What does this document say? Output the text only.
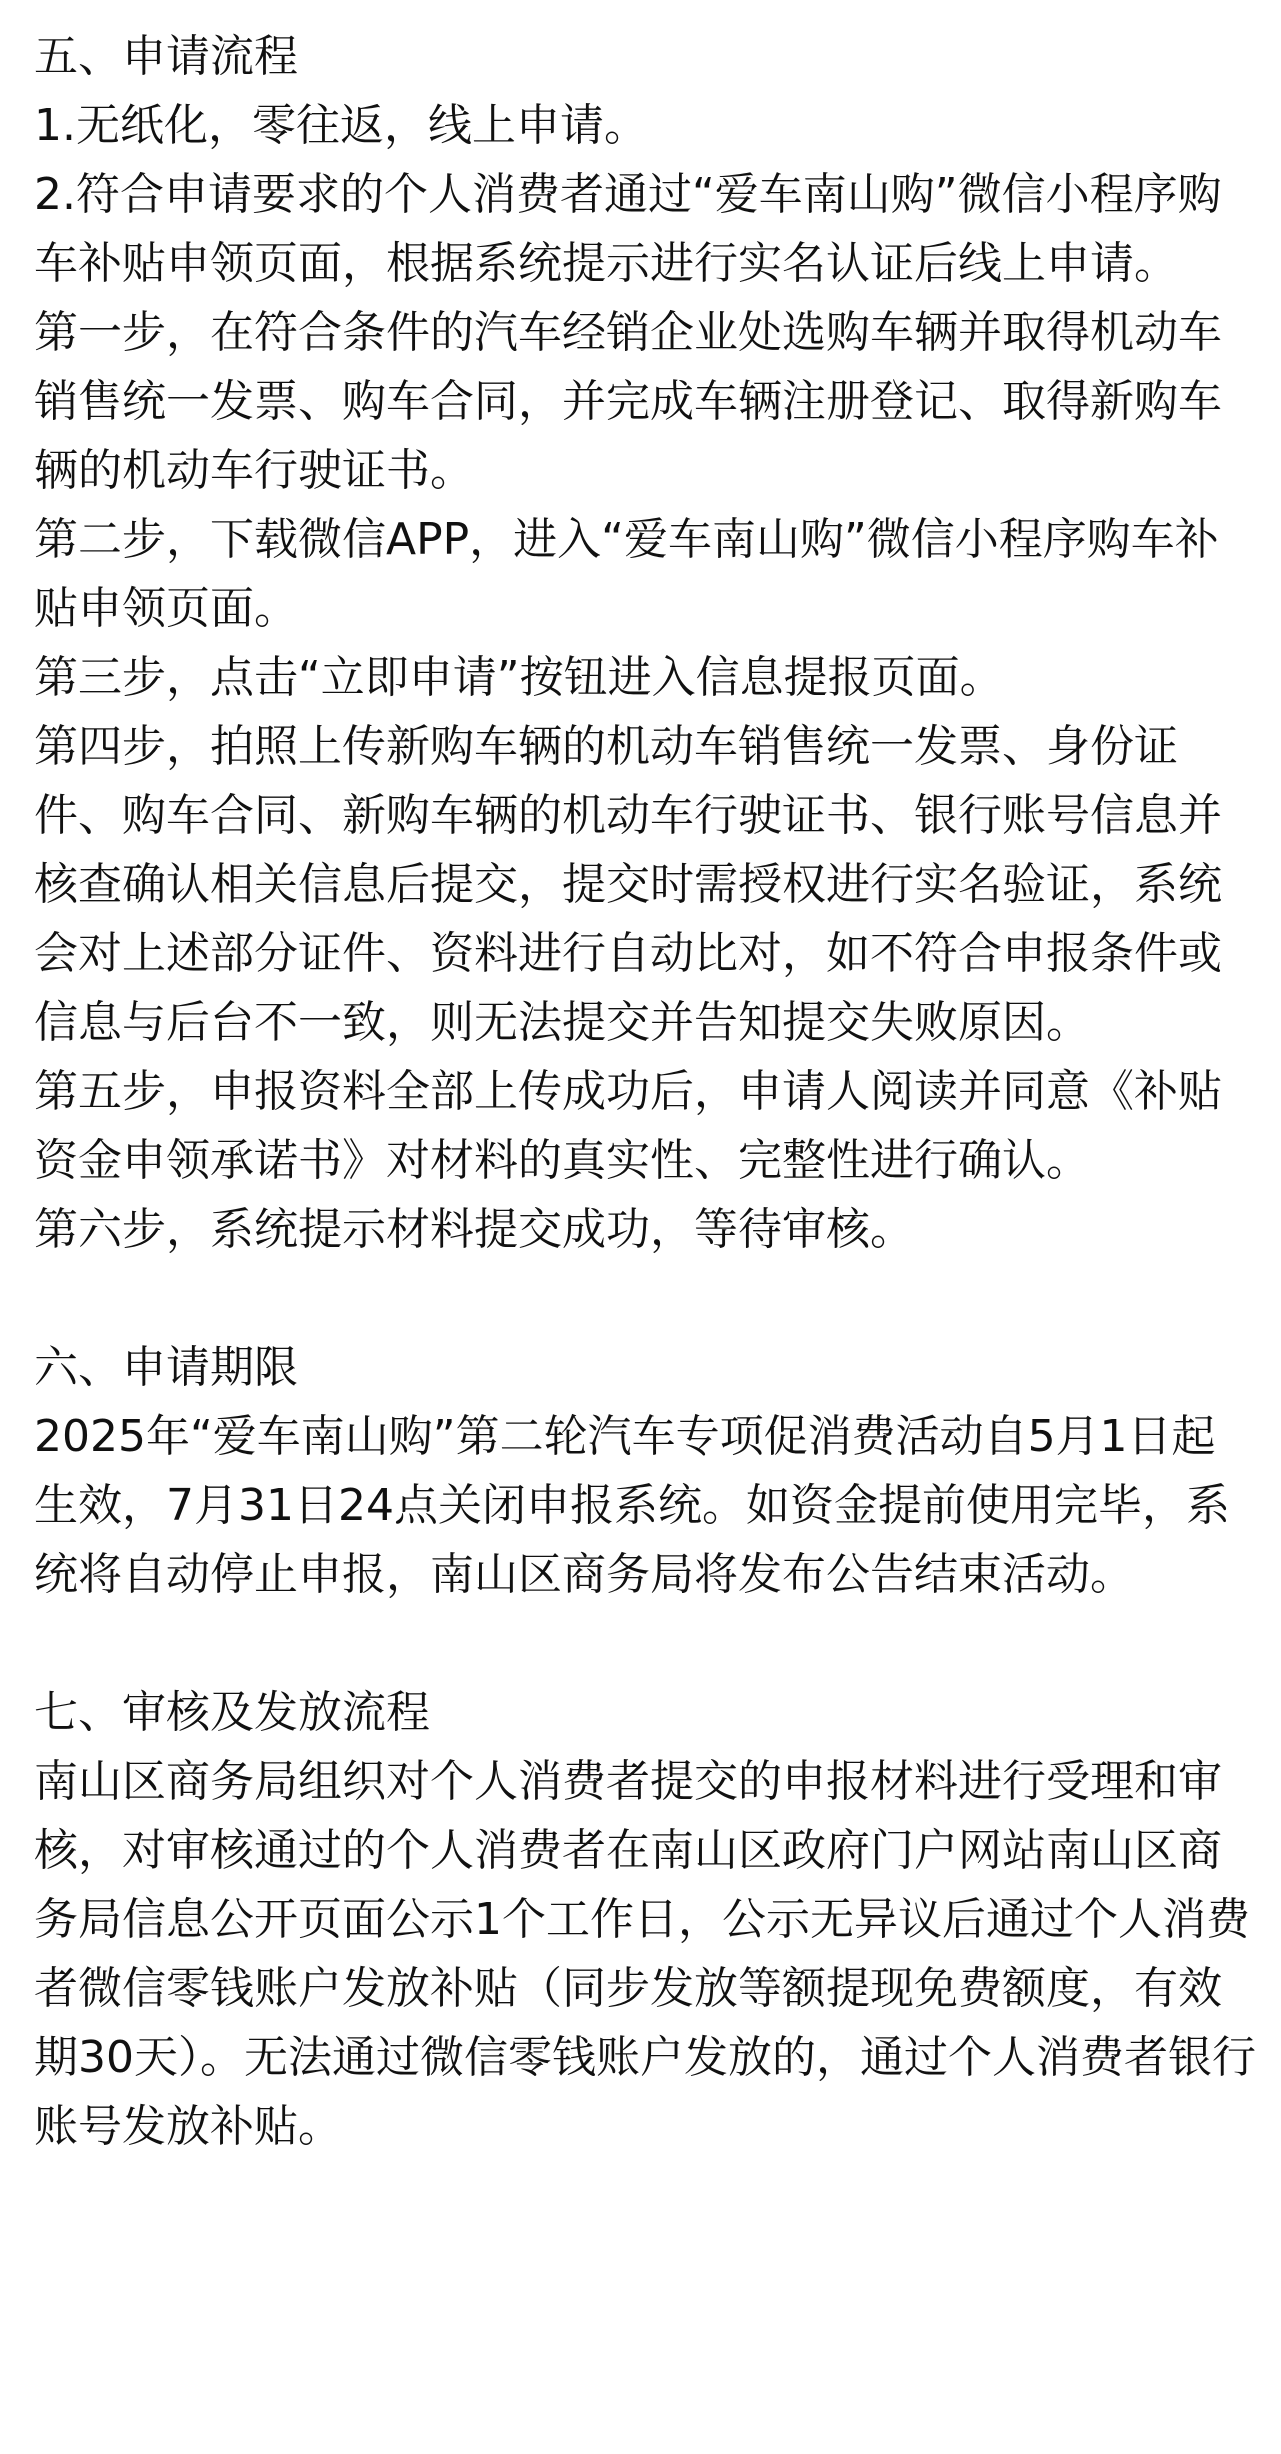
五、申请流程

1.无纸化，零往返，线上申请。

2.符合申请要求的个人消费者通过“爱车南山购”微信小程序购车补贴申领页面，根据系统提示进行实名认证后线上申请。

第一步，在符合条件的汽车经销企业处选购车辆并取得机动车销售统一发票、购车合同，并完成车辆注册登记、取得新购车辆的机动车行驶证书。

第二步，下载微信APP，进入“爱车南山购”微信小程序购车补贴申领页面。

第三步，点击“立即申请”按钮进入信息提报页面。

第四步，拍照上传新购车辆的机动车销售统一发票、身份证件、购车合同、新购车辆的机动车行驶证书、银行账号信息并核查确认相关信息后提交，提交时需授权进行实名验证，系统会对上述部分证件、资料进行自动比对，如不符合申报条件或信息与后台不一致，则无法提交并告知提交失败原因。

第五步，申报资料全部上传成功后，申请人阅读并同意《补贴资金申领承诺书》对材料的真实性、完整性进行确认。

第六步，系统提示材料提交成功，等待审核。

六、申请期限

2025年“爱车南山购”第二轮汽车专项促消费活动自5月1日起生效，7月31日24点关闭申报系统。如资金提前使用完毕，系统将自动停止申报，南山区商务局将发布公告结束活动。

七、审核及发放流程

南山区商务局组织对个人消费者提交的申报材料进行受理和审核，对审核通过的个人消费者在南山区政府门户网站南山区商务局信息公开页面公示1个工作日，公示无异议后通过个人消费者微信零钱账户发放补贴（同步发放等额提现免费额度，有效期30天）。无法通过微信零钱账户发放的，通过个人消费者银行账号发放补贴。
